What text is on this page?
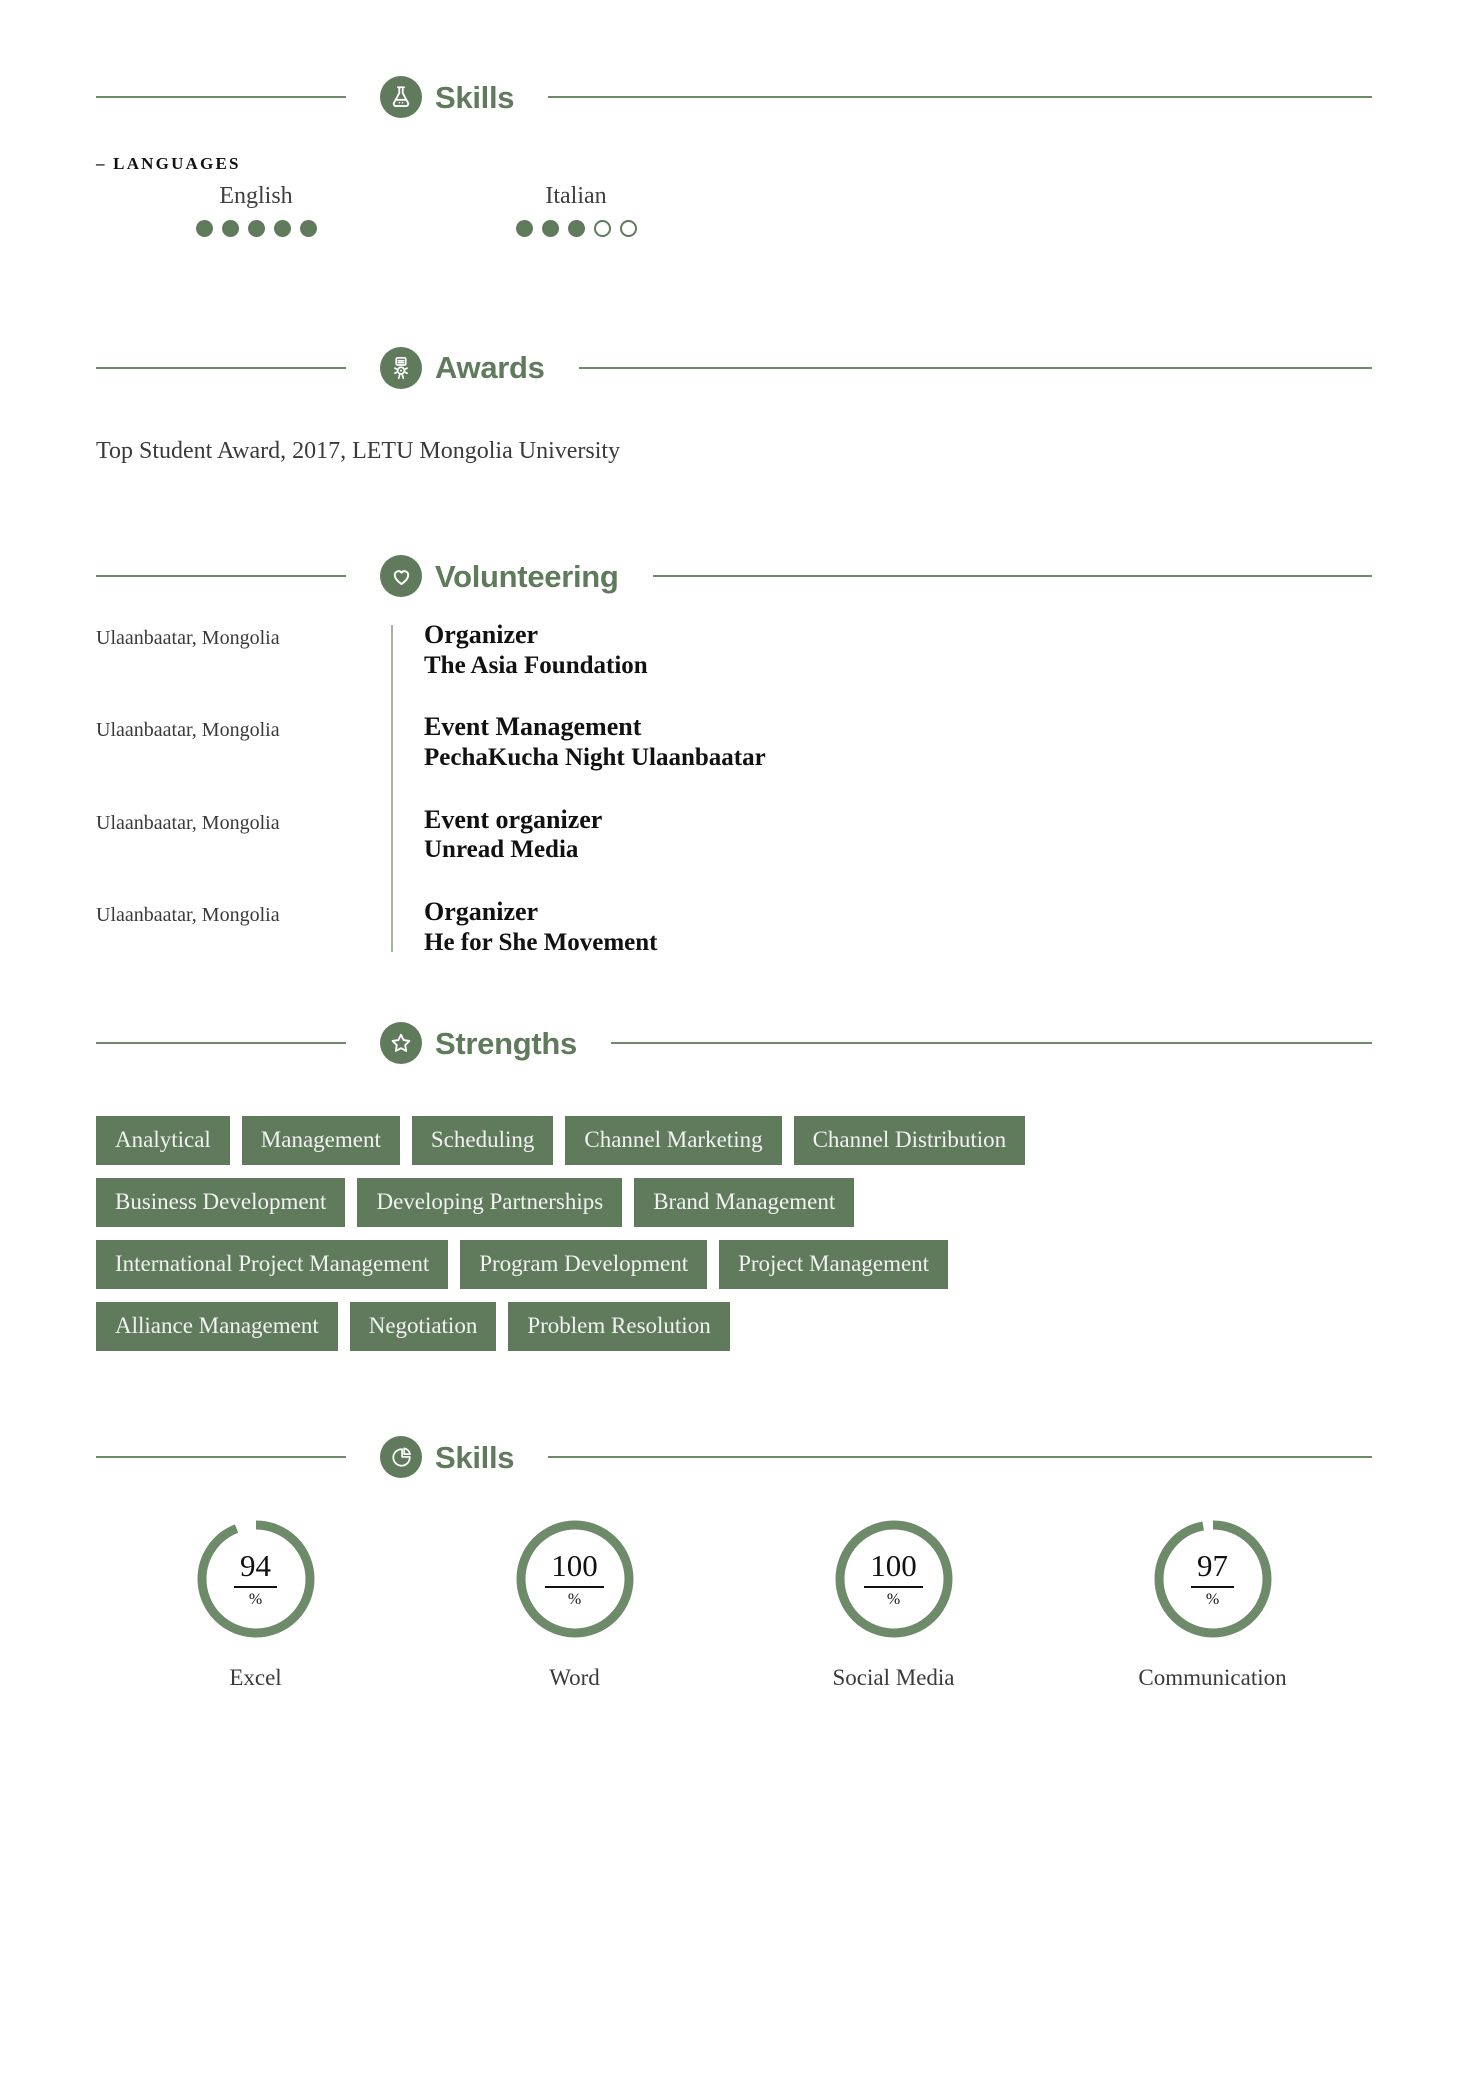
Skills
– LANGUAGES
English	Italian
Awards
Top Student Award, 2017, LETU Mongolia University
Volunteering
Ulaanbaatar, Mongolia	Organizer
The Asia Foundation
Ulaanbaatar, Mongolia	Event Management
PechaKucha Night Ulaanbaatar
Ulaanbaatar, Mongolia	Event organizer
Unread Media
Ulaanbaatar, Mongolia	Organizer
He for She Movement
Strengths
Analytical	Management	Scheduling	Channel Marketing	Channel Distribution
Business Development	Developing Partnerships	Brand Management
International Project Management	Program Development	Project Management
Alliance Management	Negotiation	Problem Resolution
Skills
94
%
Excel
100
%
Word
100
%
Social Media
97
%
Communication
